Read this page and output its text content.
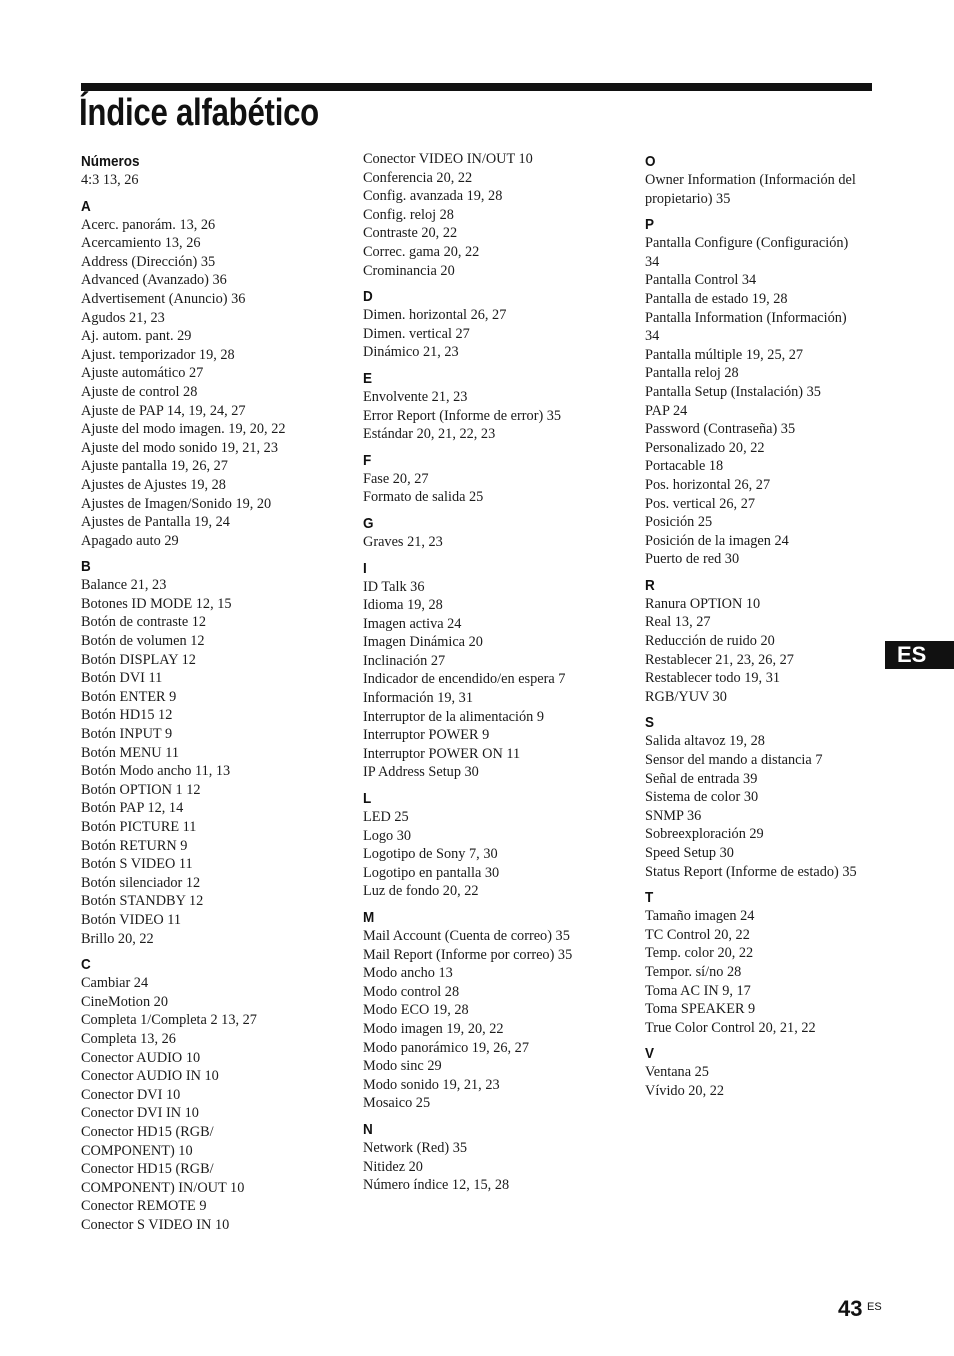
Índice alfabético
Números
4:3 13, 26
A
Acerc. panorám. 13, 26
Acercamiento 13, 26
Address (Dirección) 35
Advanced (Avanzado) 36
Advertisement (Anuncio) 36
Agudos 21, 23
Aj. autom. pant. 29
Ajust. temporizador 19, 28
Ajuste automático 27
Ajuste de control 28
Ajuste de PAP 14, 19, 24, 27
Ajuste del modo imagen. 19, 20, 22
Ajuste del modo sonido 19, 21, 23
Ajuste pantalla 19, 26, 27
Ajustes de Ajustes 19, 28
Ajustes de Imagen/Sonido 19, 20
Ajustes de Pantalla 19, 24
Apagado auto 29
B
Balance 21, 23
Botones ID MODE 12, 15
Botón de contraste 12
Botón de volumen 12
Botón DISPLAY 12
Botón DVI 11
Botón ENTER 9
Botón HD15 12
Botón INPUT 9
Botón MENU 11
Botón Modo ancho 11, 13
Botón OPTION 1 12
Botón PAP 12, 14
Botón PICTURE 11
Botón RETURN 9
Botón S VIDEO 11
Botón silenciador 12
Botón STANDBY 12
Botón VIDEO 11
Brillo 20, 22
C
Cambiar 24
CineMotion 20
Completa 1/Completa 2 13, 27
Completa 13, 26
Conector AUDIO 10
Conector AUDIO IN 10
Conector DVI 10
Conector DVI IN 10
Conector HD15 (RGB/
COMPONENT) 10
Conector HD15 (RGB/
COMPONENT) IN/OUT 10
Conector REMOTE 9
Conector S VIDEO IN 10
Conector VIDEO IN/OUT 10
Conferencia 20, 22
Config. avanzada 19, 28
Config. reloj 28
Contraste 20, 22
Correc. gama 20, 22
Crominancia 20
D
Dimen. horizontal 26, 27
Dimen. vertical 27
Dinámico 21, 23
E
Envolvente 21, 23
Error Report (Informe de error) 35
Estándar 20, 21, 22, 23
F
Fase 20, 27
Formato de salida 25
G
Graves 21, 23
I
ID Talk 36
Idioma 19, 28
Imagen activa 24
Imagen Dinámica 20
Inclinación 27
Indicador de encendido/en espera 7
Información 19, 31
Interruptor de la alimentación 9
Interruptor POWER 9
Interruptor POWER ON 11
IP Address Setup 30
L
LED 25
Logo 30
Logotipo de Sony 7, 30
Logotipo en pantalla 30
Luz de fondo 20, 22
M
Mail Account (Cuenta de correo) 35
Mail Report (Informe por correo) 35
Modo ancho 13
Modo control 28
Modo ECO 19, 28
Modo imagen 19, 20, 22
Modo panorámico 19, 26, 27
Modo sinc 29
Modo sonido 19, 21, 23
Mosaico 25
N
Network (Red) 35
Nitidez 20
Número índice 12, 15, 28
O
Owner Information (Información del
propietario) 35
P
Pantalla Configure (Configuración)
34
Pantalla Control 34
Pantalla de estado 19, 28
Pantalla Information (Información)
34
Pantalla múltiple 19, 25, 27
Pantalla reloj 28
Pantalla Setup (Instalación) 35
PAP 24
Password (Contraseña) 35
Personalizado 20, 22
Portacable 18
Pos. horizontal 26, 27
Pos. vertical 26, 27
Posición 25
Posición de la imagen 24
Puerto de red 30
R
Ranura OPTION 10
Real 13, 27
Reducción de ruido 20
Restablecer 21, 23, 26, 27
Restablecer todo 19, 31
RGB/YUV 30
S
Salida altavoz 19, 28
Sensor del mando a distancia 7
Señal de entrada 39
Sistema de color 30
SNMP 36
Sobreexploración 29
Speed Setup 30
Status Report (Informe de estado) 35
T
Tamaño imagen 24
TC Control 20, 22
Temp. color 20, 22
Tempor. sí/no 28
Toma AC IN 9, 17
Toma SPEAKER 9
True Color Control 20, 21, 22
V
Ventana 25
Vívido 20, 22
ES
43 ES
